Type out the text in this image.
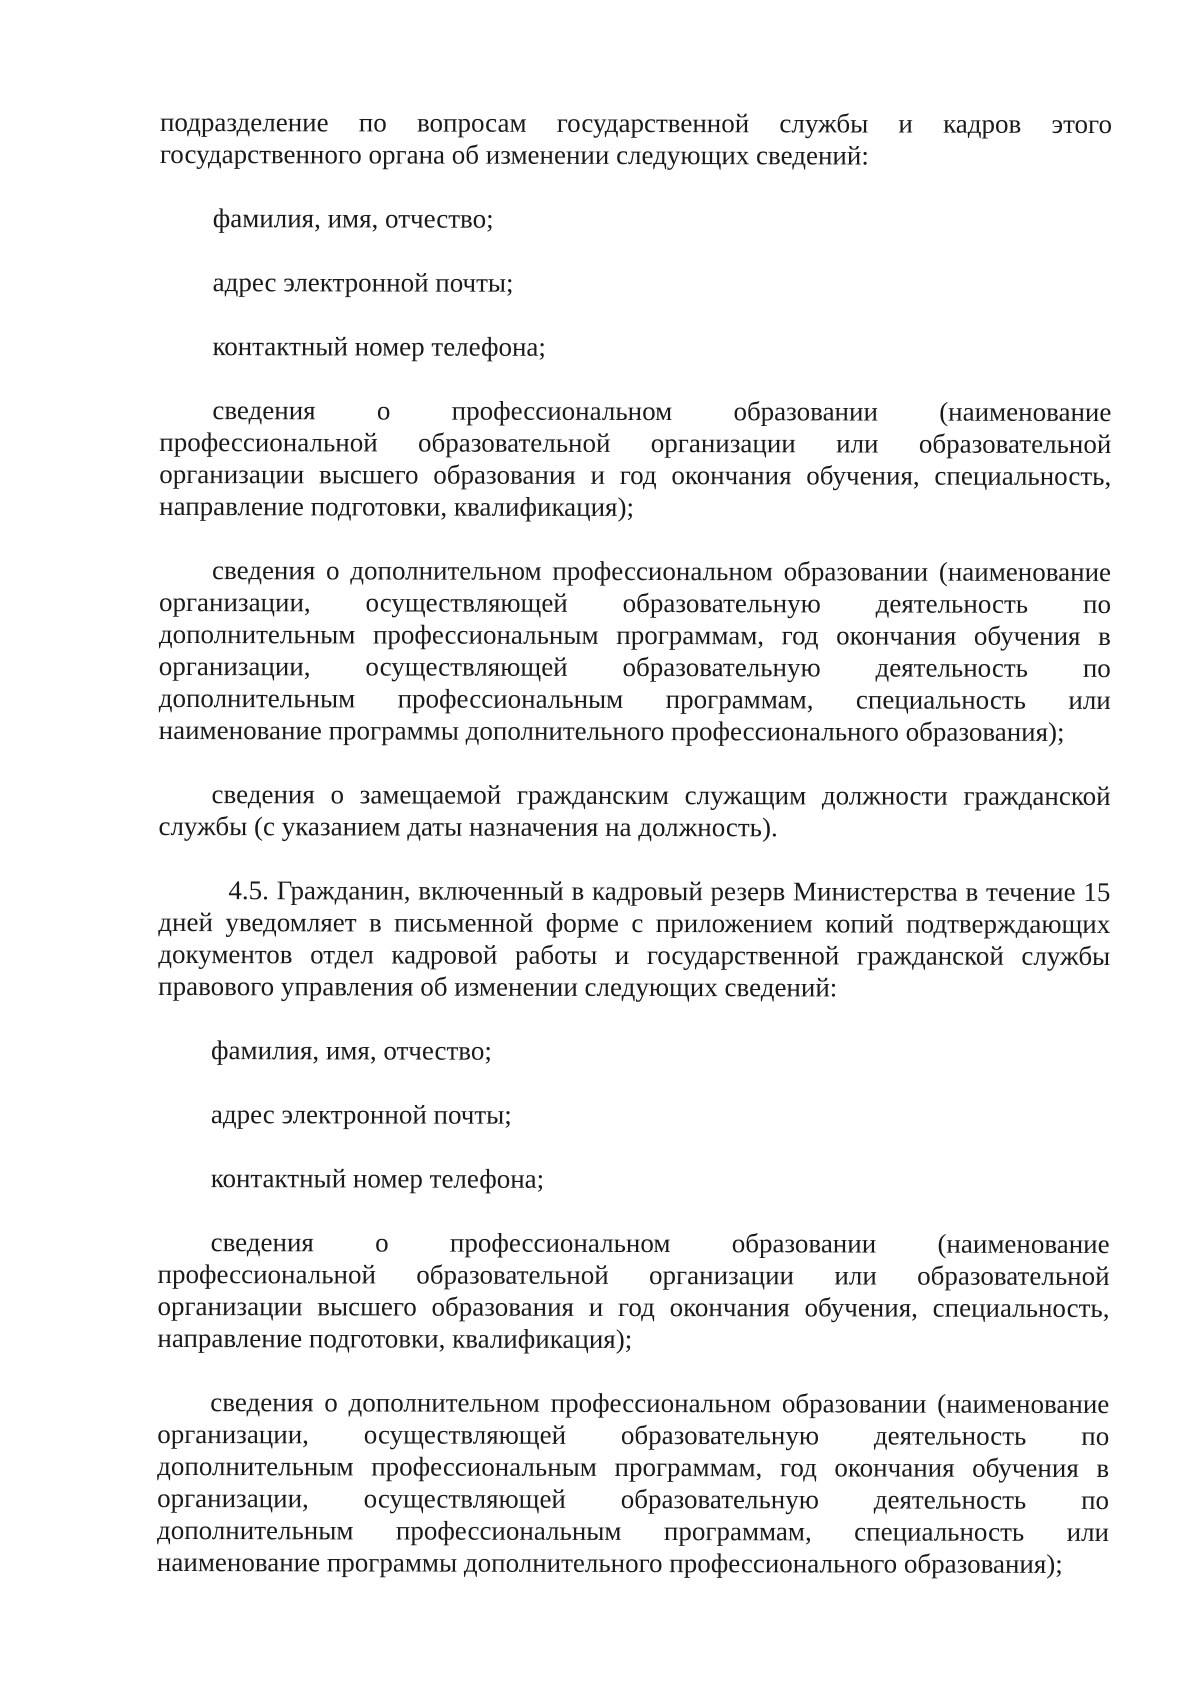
подразделение по вопросам государственной службы и кадров этого государственного органа об изменении следующих сведений:

фамилия, имя, отчество;

адрес электронной почты;

контактный номер телефона;

сведения о профессиональном образовании (наименование профессиональной образовательной организации или образовательной организации высшего образования и год окончания обучения, специальность, направление подготовки, квалификация);

сведения о дополнительном профессиональном образовании (наименование организации, осуществляющей образовательную деятельность по дополнительным профессиональным программам, год окончания обучения в организации, осуществляющей образовательную деятельность по дополнительным профессиональным программам, специальность или наименование программы дополнительного профессионального образования);

сведения о замещаемой гражданским служащим должности гражданской службы (с указанием даты назначения на должность).

4.5. Гражданин, включенный в кадровый резерв Министерства в течение 15 дней уведомляет в письменной форме с приложением копий подтверждающих документов отдел кадровой работы и государственной гражданской службы правового управления об изменении следующих сведений:

фамилия, имя, отчество;

адрес электронной почты;

контактный номер телефона;

сведения о профессиональном образовании (наименование профессиональной образовательной организации или образовательной организации высшего образования и год окончания обучения, специальность, направление подготовки, квалификация);

сведения о дополнительном профессиональном образовании (наименование организации, осуществляющей образовательную деятельность по дополнительным профессиональным программам, год окончания обучения в организации, осуществляющей образовательную деятельность по дополнительным профессиональным программам, специальность или наименование программы дополнительного профессионального образования);
